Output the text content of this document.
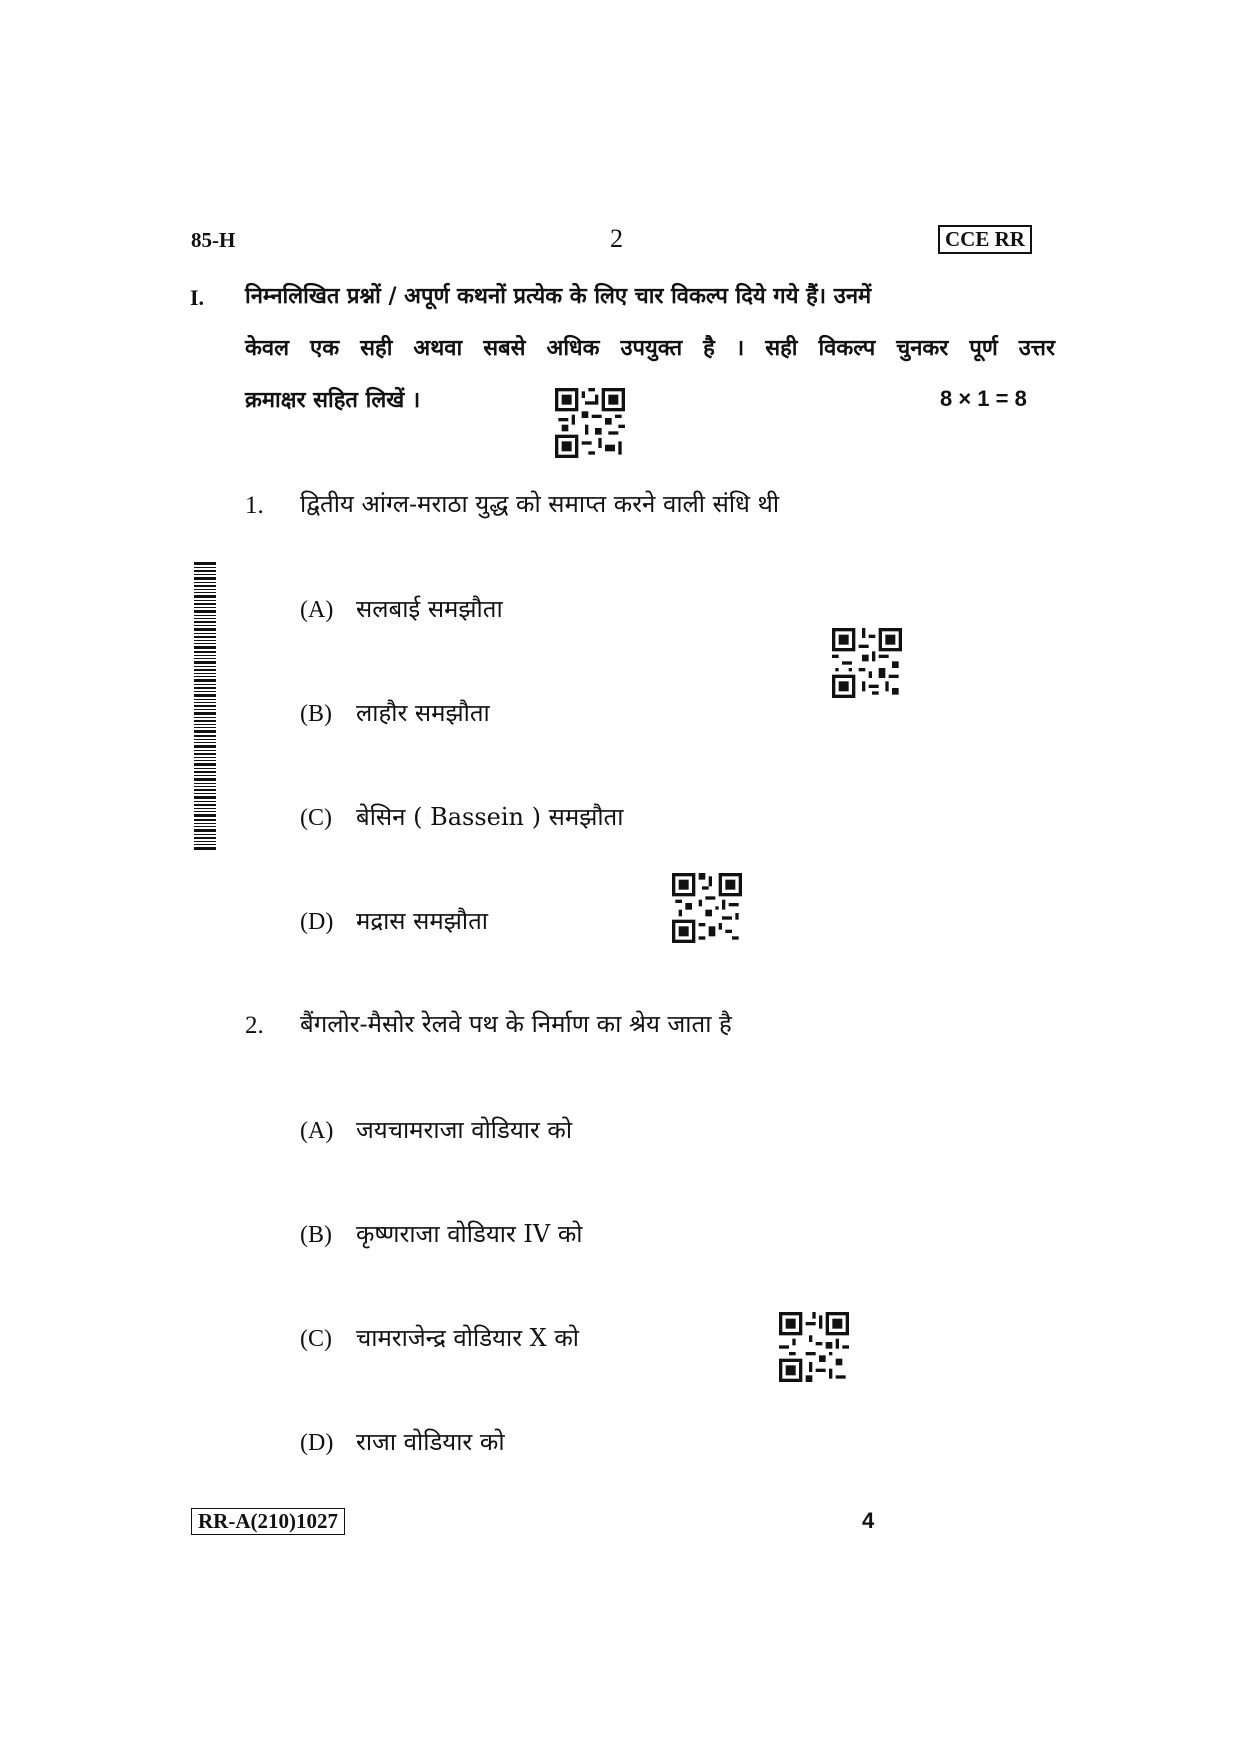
85-H	2	CCE RR
I. निम्नलिखित प्रश्नों / अपूर्ण कथनों प्रत्येक के लिए चार विकल्प दिये गये हैं। उनमें
केवल एक सही अथवा सबसे अधिक उपयुक्त है । सही विकल्प चुनकर पूर्ण उत्तर
क्रमाक्षर सहित लिखें ।	8 × 1 = 8
1. द्वितीय आंग्ल-मराठा युद्ध को समाप्त करने वाली संधि थी
(A) सलबाई समझौता
(B) लाहौर समझौता
(C) बेसिन ( Bassein ) समझौता
(D) मद्रास समझौता
2. बैंगलोर-मैसोर रेलवे पथ के निर्माण का श्रेय जाता है
(A) जयचामराजा वोडियार को
(B) कृष्णराजा वोडियार IV को
(C) चामराजेन्द्र वोडियार X को
(D) राजा वोडियार को
RR-A(210)1027	4
